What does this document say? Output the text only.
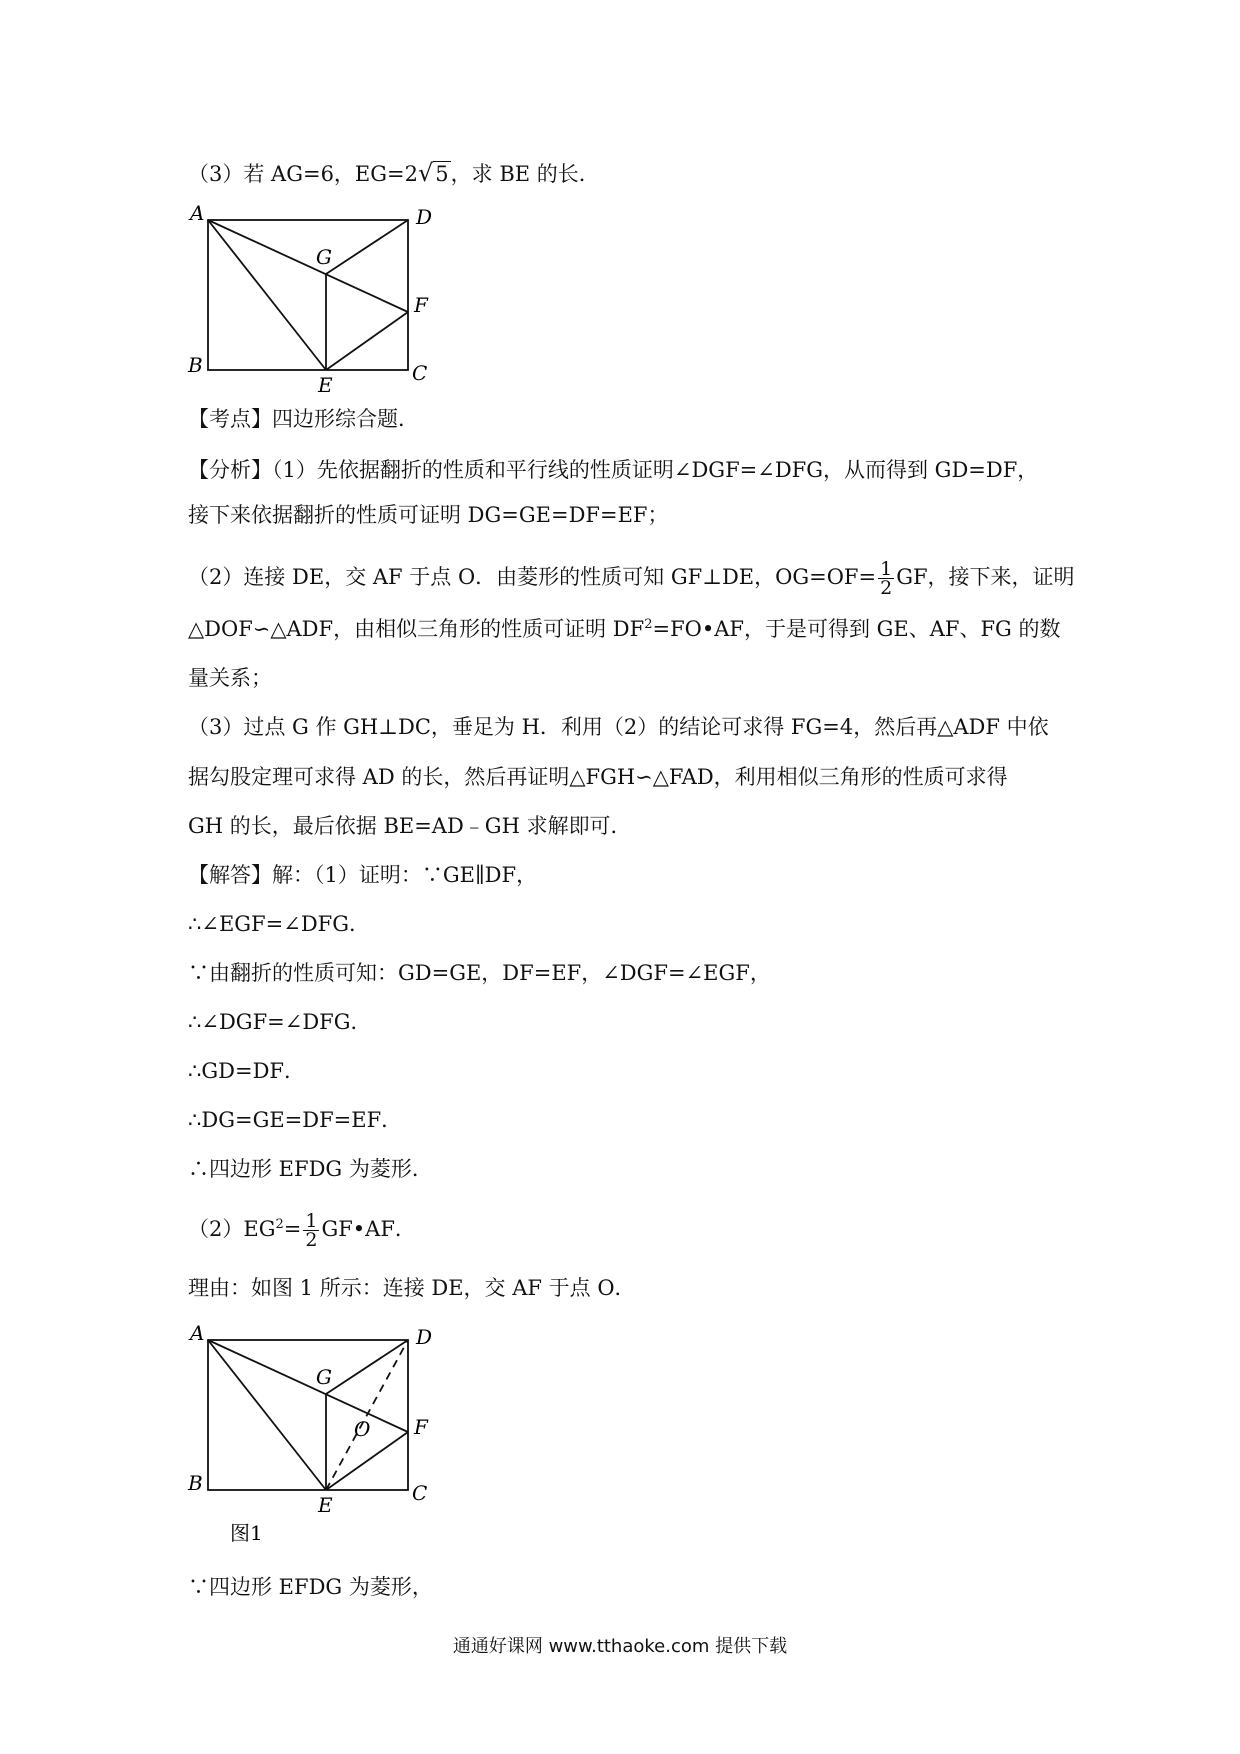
（3）若 AG=6，EG=2√5，求 BE 的长．
A	D
G
F
B
E	C
【考点】四边形综合题．
【分析】（1）先依据翻折的性质和平行线的性质证明∠DGF=∠DFG，从而得到 GD=DF，
接下来依据翻折的性质可证明 DG=GE=DF=EF；
（2）连接 DE，交 AF 于点 O．由菱形的性质可知 GF⊥DE，$OG=OF= \frac{1}{2}$ GF，接下来，证明
△DOF∽△ADF，由相似三角形的性质可证明 $DF^2=FO•AF$，于是可得到 GE、AF、FG 的数
量关系；
（3）过点 G 作 GH⊥DC，垂足为 H．利用（2）的结论可求得 FG=4，然后再△ADF 中依
据勾股定理可求得 AD 的长，然后再证明△FGH∽△FAD，利用相似三角形的性质可求得
GH 的长，最后依据 BE=AD﹣GH 求解即可．
【解答】解：（1）证明：∵GE∥DF，
∴∠EGF=∠DFG．
∵由翻折的性质可知：GD=GE，DF=EF，∠DGF=∠EGF，
∴∠DGF=∠DFG．
∴GD=DF．
∴DG=GE=DF=EF．
∴四边形 EFDG 为菱形．
$(2)EG^2= \frac{1}{2}$ GF•AF．
理由：如图 1 所示：连接 DE，交 AF 于点 O．
A	D
G
O F
B
E	C
图1
∵四边形 EFDG 为菱形，
通通好课网 www.tthaoke.com 提供下载
